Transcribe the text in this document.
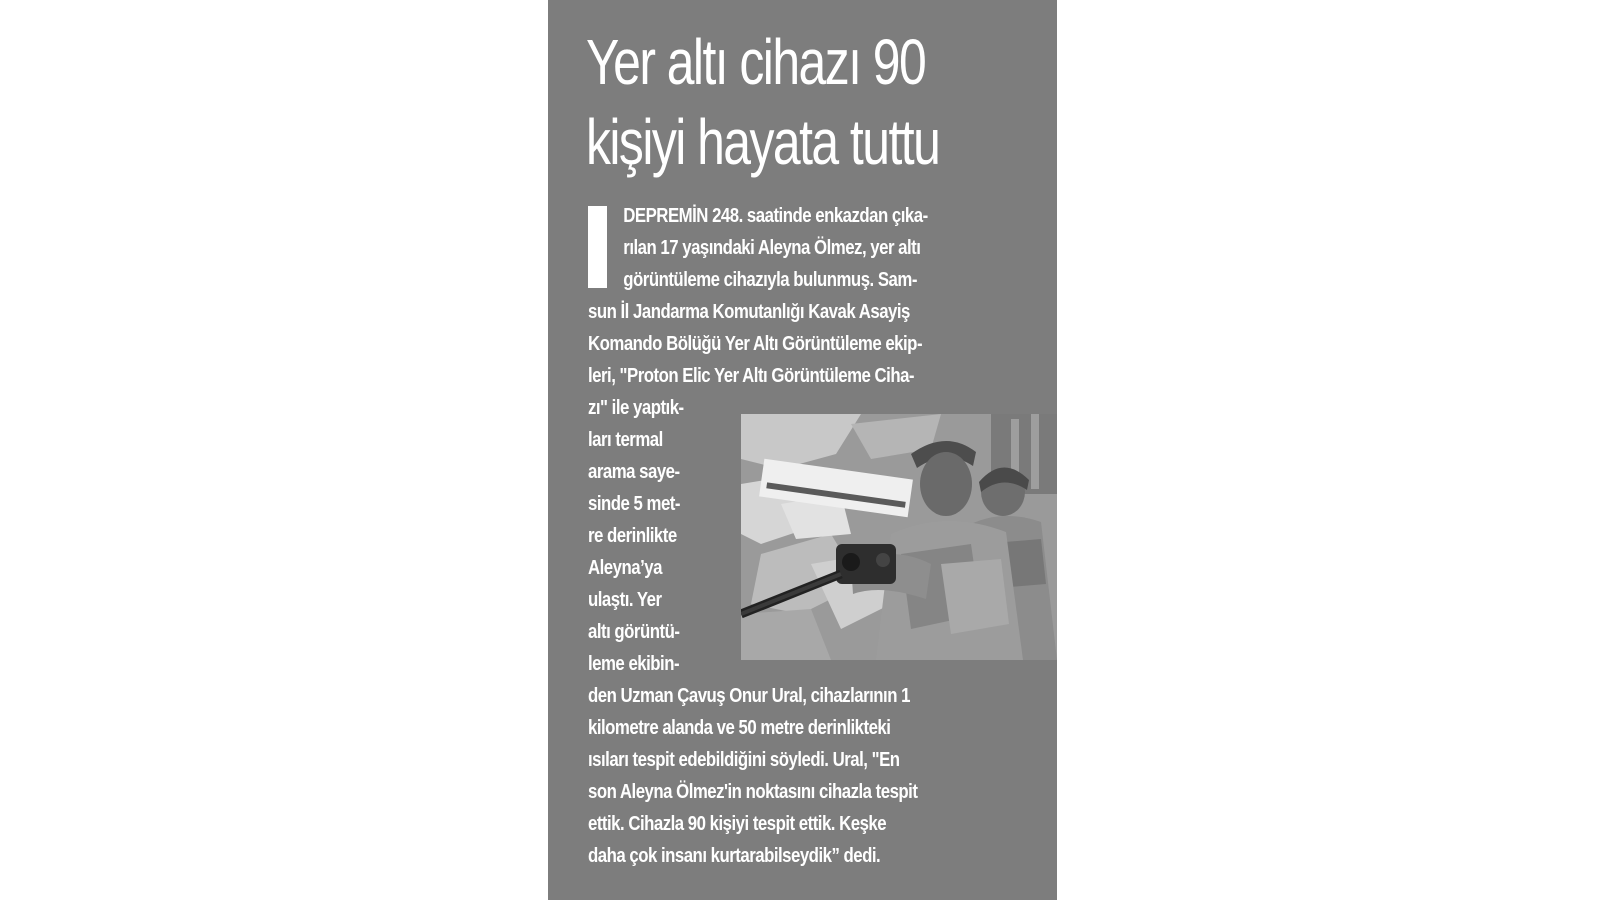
Yer altı cihazı 90
kişiyi hayata tuttu
DEPREMİN 248. saatinde enkazdan çıka-
rılan 17 yaşındaki Aleyna Ölmez, yer altı
görüntüleme cihazıyla bulunmuş. Sam-
sun İl Jandarma Komutanlığı Kavak Asayiş
Komando Bölüğü Yer Altı Görüntüleme ekip-
leri, "Proton Elic Yer Altı Görüntüleme Ciha-
zı" ile yaptık-
ları termal
arama saye-
sinde 5 met-
re derinlikte
Aleyna’ya
ulaştı. Yer
altı görüntü-
leme ekibin-
den Uzman Çavuş Onur Ural, cihazlarının 1
kilometre alanda ve 50 metre derinlikteki
ısıları tespit edebildiğini söyledi. Ural, "En
son Aleyna Ölmez'in noktasını cihazla tespit
ettik. Cihazla 90 kişiyi tespit ettik. Keşke
daha çok insanı kurtarabilseydik” dedi.
